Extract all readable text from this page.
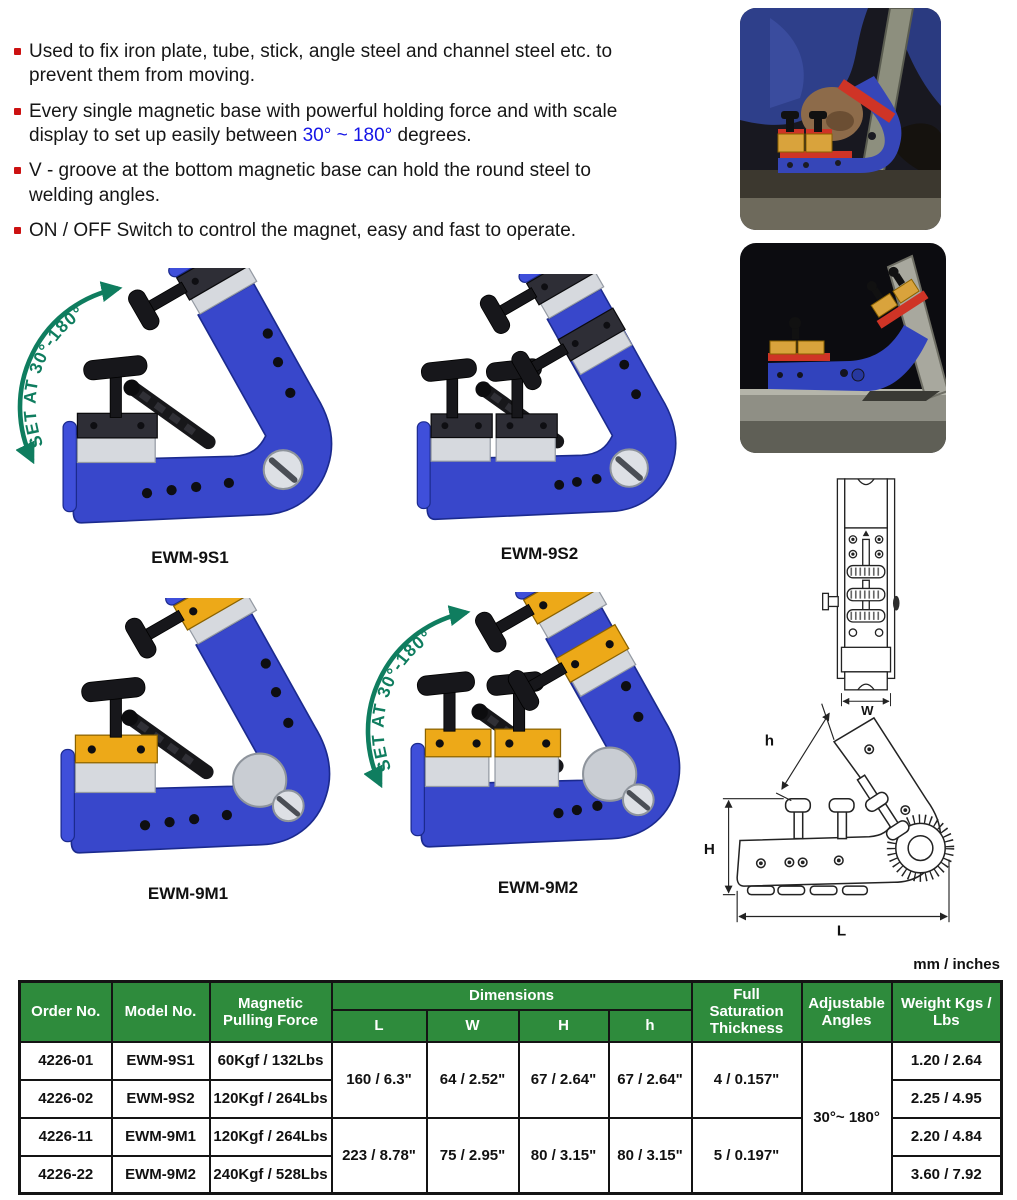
Used to fix iron plate, tube, stick, angle steel and channel steel etc. to prevent them from moving.
Every single magnetic base with powerful holding force and with scale display to set up easily between 30° ~ 180° degrees.
V - groove at the bottom magnetic base can hold the round steel to welding angles.
ON / OFF Switch to control the magnet, easy and fast to operate.
SET AT 30°-180°
EWM-9S1	EWM-9S2
EWM-9M1
SET AT 30°-180°
EWM-9M2
W
L
H
h
mm / inches
Order No.	Model No.	Magnetic Pulling Force	Dimensions				Full Saturation Thickness	Adjustable Angles	Weight Kgs / Lbs
			L	W	H	h			
4226-01	EWM-9S1	60Kgf / 132Lbs	160 / 6.3"	64 / 2.52"	67 / 2.64"	67 / 2.64"	4 / 0.157"	30°~ 180°	1.20 / 2.64
4226-02	EWM-9S2	120Kgf / 264Lbs							2.25 / 4.95
4226-11	EWM-9M1	120Kgf / 264Lbs	223 / 8.78"	75 / 2.95"	80 / 3.15"	80 / 3.15"	5 / 0.197"		2.20 / 4.84
4226-22	EWM-9M2	240Kgf / 528Lbs							3.60 / 7.92
